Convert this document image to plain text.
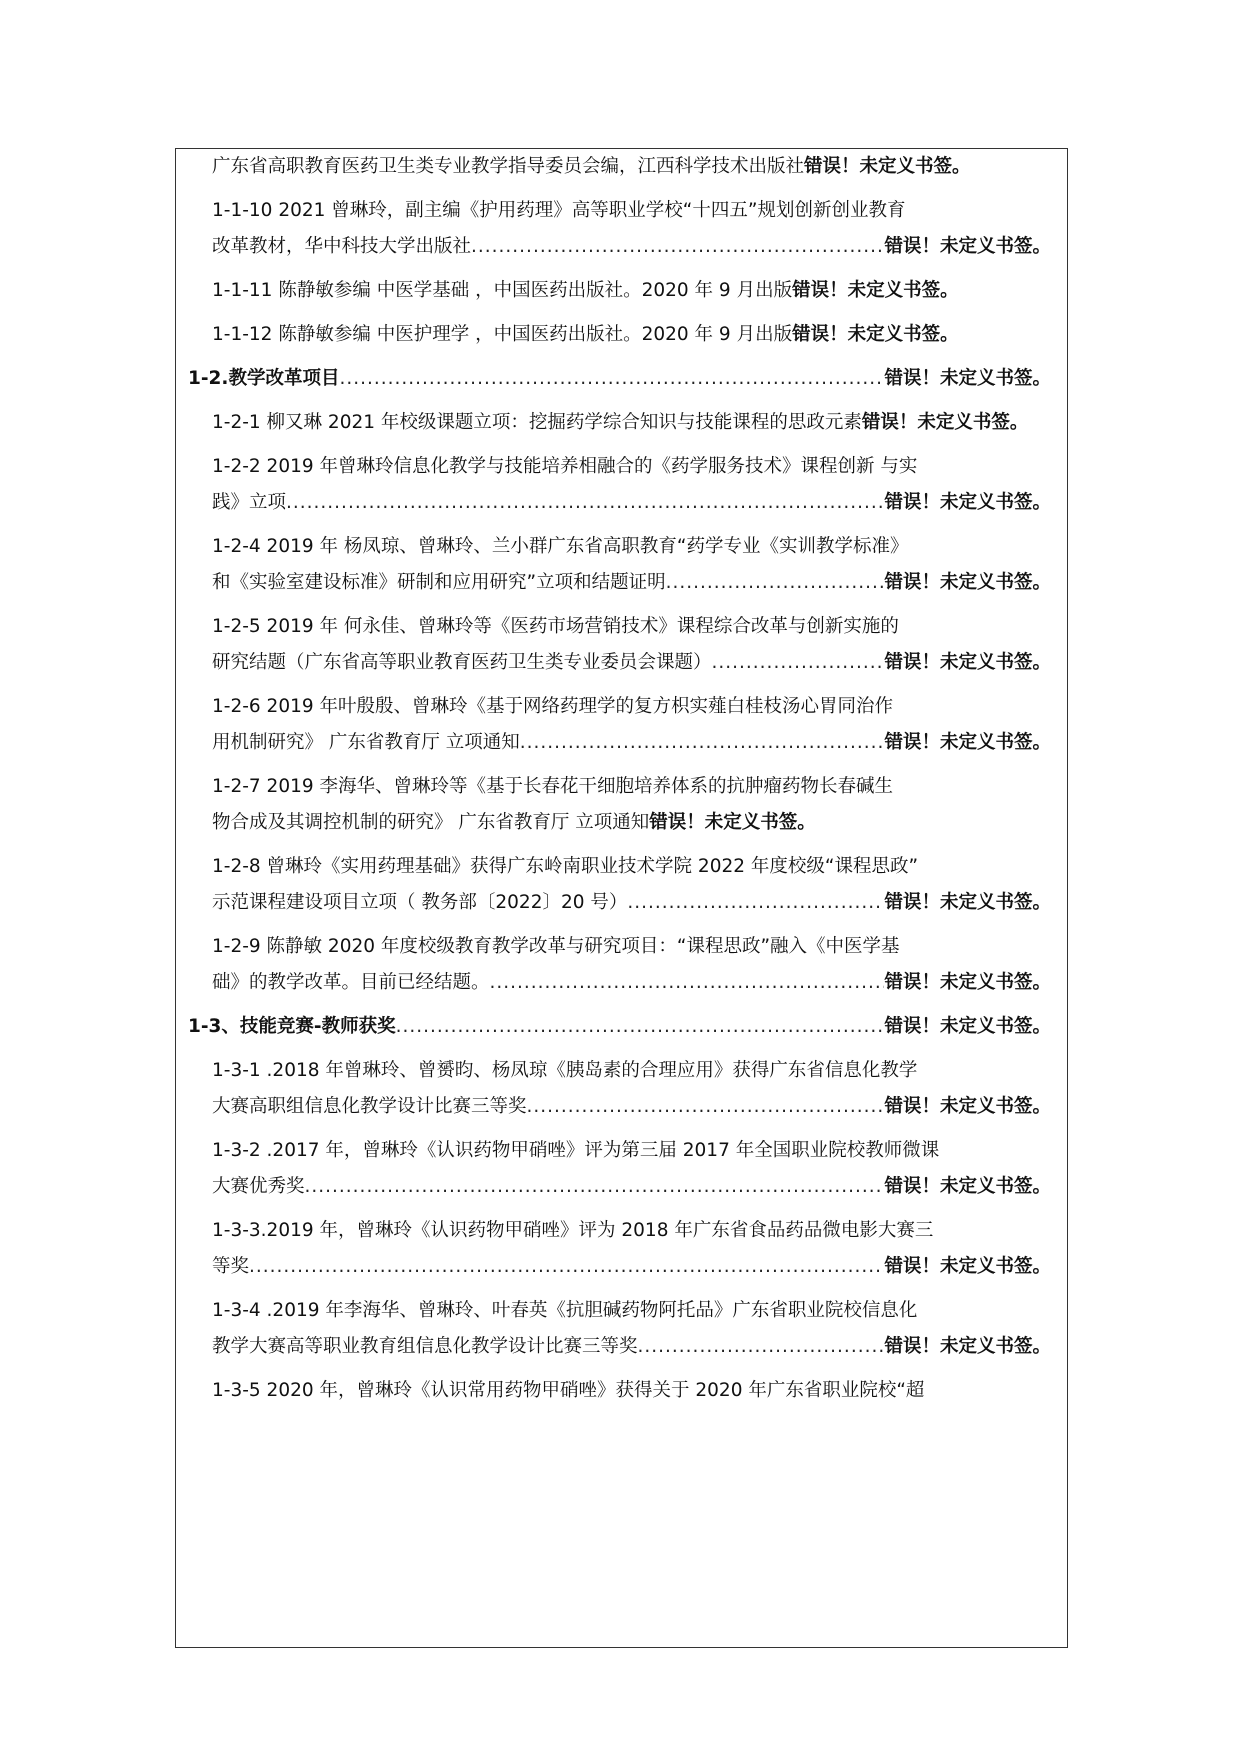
广东省高职教育医药卫生类专业教学指导委员会编，江西科学技术出版社错误！未定义书签。
1-1-10 2021 曾琳玲，副主编《护用药理》高等职业学校“十四五”规划创新创业教育
改革教材，华中科技大学出版社 .....	错误！未定义书签。
1-1-11 陈静敏参编 中医学基础 ，中国医药出版社。2020 年 9 月出版错误！未定义书签。
1-1-12 陈静敏参编 中医护理学 ，中国医药出版社。2020 年 9 月出版错误！未定义书签。
1-2.教学改革项目 .....	错误！未定义书签。
1-2-1 柳又琳 2021 年校级课题立项：挖掘药学综合知识与技能课程的思政元素错误！未定义书签。
1-2-2 2019 年曾琳玲信息化教学与技能培养相融合的《药学服务技术》课程创新 与实
践》立项 .....	错误！未定义书签。
1-2-4 2019 年 杨凤琼、曾琳玲、兰小群广东省高职教育“药学专业《实训教学标准》
和《实验室建设标准》研制和应用研究”立项和结题证明 .....	错误！未定义书签。
1-2-5 2019 年 何永佳、曾琳玲等《医药市场营销技术》课程综合改革与创新实施的
研究结题（广东省高等职业教育医药卫生类专业委员会课题） .....	错误！未定义书签。
1-2-6 2019 年叶殷殷、曾琳玲《基于网络药理学的复方枳实薤白桂枝汤心胃同治作
用机制研究》 广东省教育厅 立项通知 .....	错误！未定义书签。
1-2-7 2019 李海华、曾琳玲等《基于长春花干细胞培养体系的抗肿瘤药物长春碱生
物合成及其调控机制的研究》 广东省教育厅 立项通知 错误！未定义书签。
1-2-8 曾琳玲《实用药理基础》获得广东岭南职业技术学院 2022 年度校级“课程思政”
示范课程建设项目立项（ 教务部〔2022〕20 号） .....	错误！未定义书签。
1-2-9 陈静敏 2020 年度校级教育教学改革与研究项目：“课程思政”融入《中医学基
础》的教学改革。目前已经结题。 .....	错误！未定义书签。
1-3、技能竞赛-教师获奖 .....	错误！未定义书签。
1-3-1 .2018 年曾琳玲、曾赟昀、杨凤琼《胰岛素的合理应用》获得广东省信息化教学
大赛高职组信息化教学设计比赛三等奖 .....	错误！未定义书签。
1-3-2 .2017 年，曾琳玲《认识药物甲硝唑》评为第三届 2017 年全国职业院校教师微课
大赛优秀奖 .....	错误！未定义书签。
1-3-3.2019 年，曾琳玲《认识药物甲硝唑》评为 2018 年广东省食品药品微电影大赛三
等奖 .....	错误！未定义书签。
1-3-4 .2019 年李海华、曾琳玲、叶春英《抗胆碱药物阿托品》广东省职业院校信息化
教学大赛高等职业教育组信息化教学设计比赛三等奖 .....	错误！未定义书签。
1-3-5 2020 年，曾琳玲《认识常用药物甲硝唑》获得关于 2020 年广东省职业院校“超
